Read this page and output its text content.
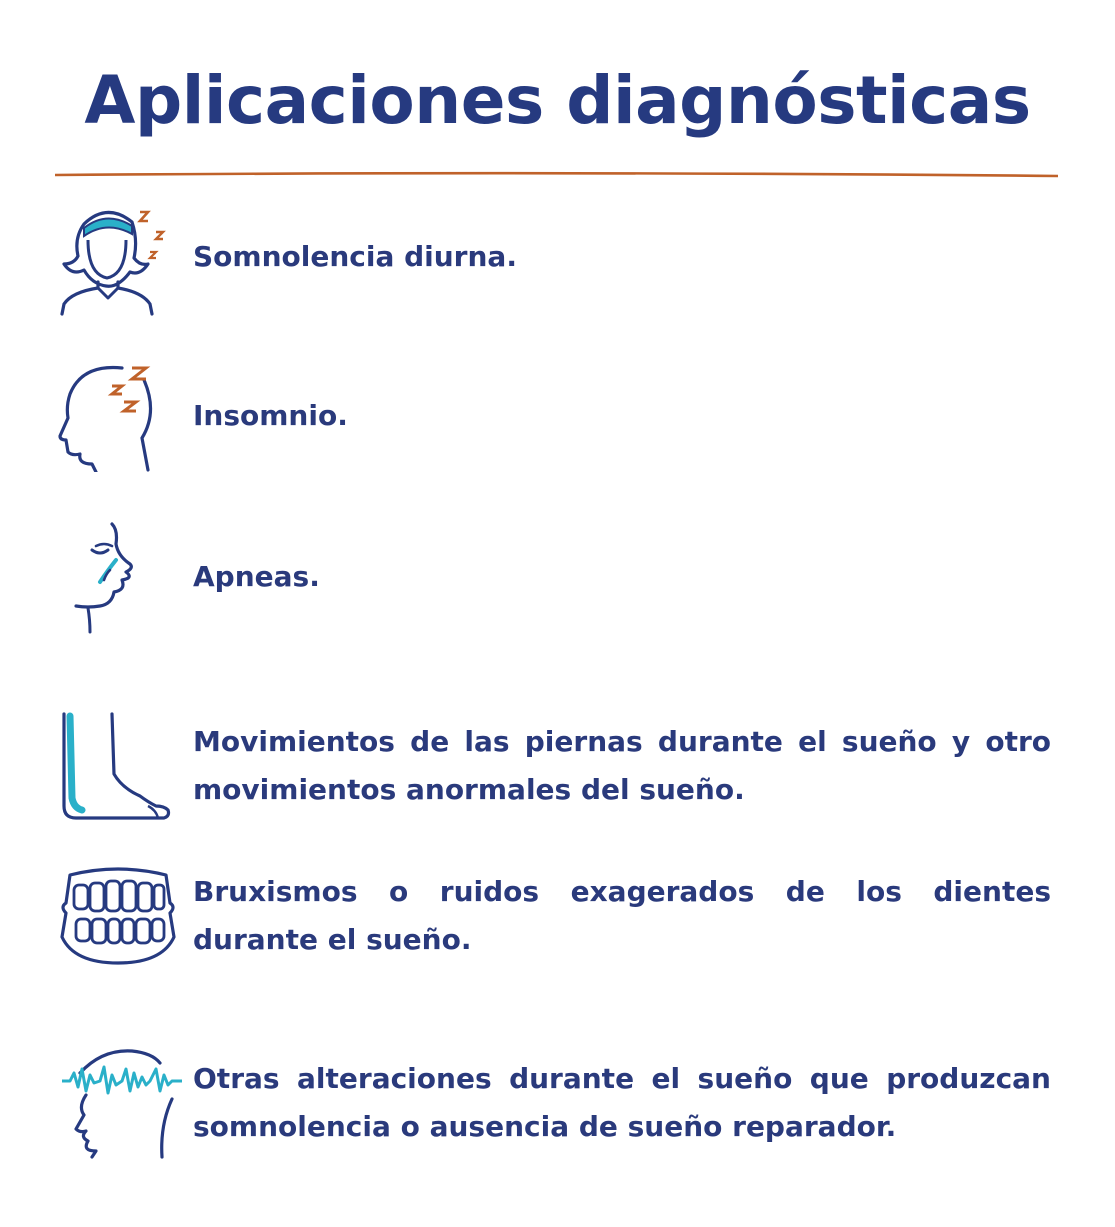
Aplicaciones diagnósticas

Somnolencia diurna.

Insomnio.

Apneas.

Movimientos de las piernas durante el sueño y otro movimientos anormales del sueño.

Bruxismos o ruidos exagerados de los dientes durante el sueño.

Otras alteraciones durante el sueño que produzcan somnolencia o ausencia de sueño reparador.
